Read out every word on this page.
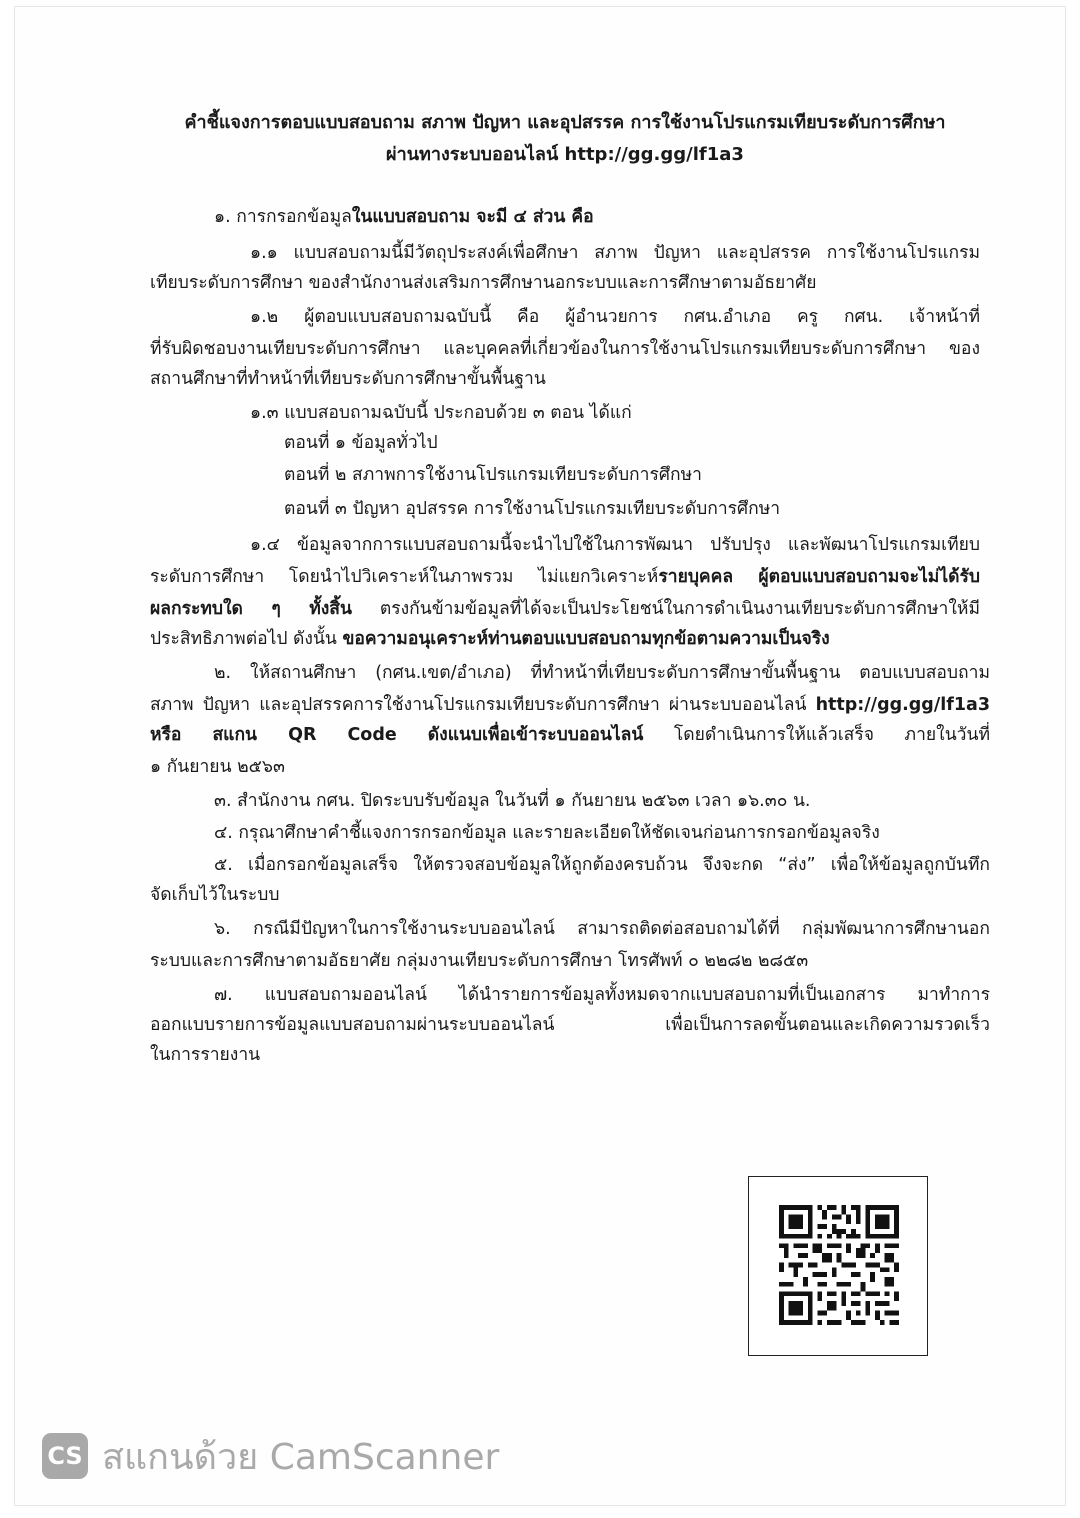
คำชี้แจงการตอบแบบสอบถาม สภาพ ปัญหา และอุปสรรค การใช้งานโปรแกรมเทียบระดับการศึกษา
ผ่านทางระบบออนไลน์ http://gg.gg/lf1a3
๑. การกรอกข้อมูลในแบบสอบถาม จะมี ๔ ส่วน คือ
๑.๑ แบบสอบถามนี้มีวัตถุประสงค์เพื่อศึกษา สภาพ ปัญหา และอุปสรรค การใช้งานโปรแกรม
เทียบระดับการศึกษา ของสำนักงานส่งเสริมการศึกษานอกระบบและการศึกษาตามอัธยาศัย
๑.๒ ผู้ตอบแบบสอบถามฉบับนี้ คือ ผู้อำนวยการ กศน.อำเภอ ครู กศน. เจ้าหน้าที่
ที่รับผิดชอบงานเทียบระดับการศึกษา และบุคคลที่เกี่ยวข้องในการใช้งานโปรแกรมเทียบระดับการศึกษา ของ
สถานศึกษาที่ทำหน้าที่เทียบระดับการศึกษาขั้นพื้นฐาน
๑.๓ แบบสอบถามฉบับนี้ ประกอบด้วย ๓ ตอน ได้แก่
ตอนที่ ๑ ข้อมูลทั่วไป
ตอนที่ ๒ สภาพการใช้งานโปรแกรมเทียบระดับการศึกษา
ตอนที่ ๓ ปัญหา อุปสรรค การใช้งานโปรแกรมเทียบระดับการศึกษา
๑.๔ ข้อมูลจากการแบบสอบถามนี้จะนำไปใช้ในการพัฒนา ปรับปรุง และพัฒนาโปรแกรมเทียบ
ระดับการศึกษา โดยนำไปวิเคราะห์ในภาพรวม ไม่แยกวิเคราะห์รายบุคคล ผู้ตอบแบบสอบถามจะไม่ได้รับ
ผลกระทบใด ๆ ทั้งสิ้น ตรงกันข้ามข้อมูลที่ได้จะเป็นประโยชน์ในการดำเนินงานเทียบระดับการศึกษาให้มี
ประสิทธิภาพต่อไป ดังนั้น ขอความอนุเคราะห์ท่านตอบแบบสอบถามทุกข้อตามความเป็นจริง
๒. ให้สถานศึกษา (กศน.เขต/อำเภอ) ที่ทำหน้าที่เทียบระดับการศึกษาขั้นพื้นฐาน ตอบแบบสอบถาม
สภาพ ปัญหา และอุปสรรคการใช้งานโปรแกรมเทียบระดับการศึกษา ผ่านระบบออนไลน์ http://gg.gg/lf1a3
หรือ สแกน QR Code ดังแนบเพื่อเข้าระบบออนไลน์ โดยดำเนินการให้แล้วเสร็จ ภายในวันที่
๑ กันยายน ๒๕๖๓
๓. สำนักงาน กศน. ปิดระบบรับข้อมูล ในวันที่ ๑ กันยายน ๒๕๖๓ เวลา ๑๖.๓๐ น.
๔. กรุณาศึกษาคำชี้แจงการกรอกข้อมูล และรายละเอียดให้ชัดเจนก่อนการกรอกข้อมูลจริง
๕. เมื่อกรอกข้อมูลเสร็จ ให้ตรวจสอบข้อมูลให้ถูกต้องครบถ้วน จึงจะกด “ส่ง” เพื่อให้ข้อมูลถูกบันทึก
จัดเก็บไว้ในระบบ
๖. กรณีมีปัญหาในการใช้งานระบบออนไลน์ สามารถติดต่อสอบถามได้ที่ กลุ่มพัฒนาการศึกษานอก
ระบบและการศึกษาตามอัธยาศัย กลุ่มงานเทียบระดับการศึกษา โทรศัพท์ ๐ ๒๒๘๒ ๒๘๕๓
๗. แบบสอบถามออนไลน์ ได้นำรายการข้อมูลทั้งหมดจากแบบสอบถามที่เป็นเอกสาร มาทำการ
ออกแบบรายการข้อมูลแบบสอบถามผ่านระบบออนไลน์ เพื่อเป็นการลดขั้นตอนและเกิดความรวดเร็ว
ในการรายงาน
CS สแกนด้วย CamScanner
